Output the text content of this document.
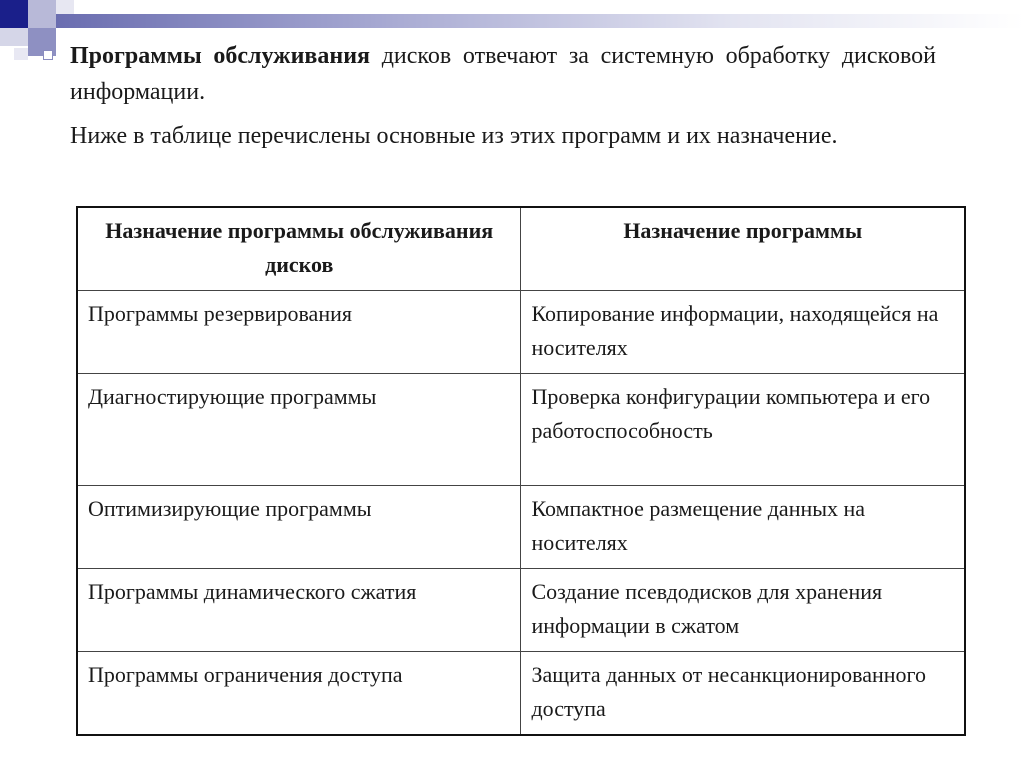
Программы обслуживания дисков отвечают за системную обработку дисковой информации.

Ниже в таблице перечислены основные из этих программ и их назначение.

Назначение программы обслуживания дисков	Назначение программы
Программы резервирования	Копирование информации, находящейся на носителях
Диагностирующие программы	Проверка конфигурации компьютера и его работоспособность
Оптимизирующие программы	Компактное размещение данных на носителях
Программы динамического сжатия	Создание псевдодисков для хранения информации в сжатом
Программы ограничения доступа	Защита данных от несанкционированного доступа
